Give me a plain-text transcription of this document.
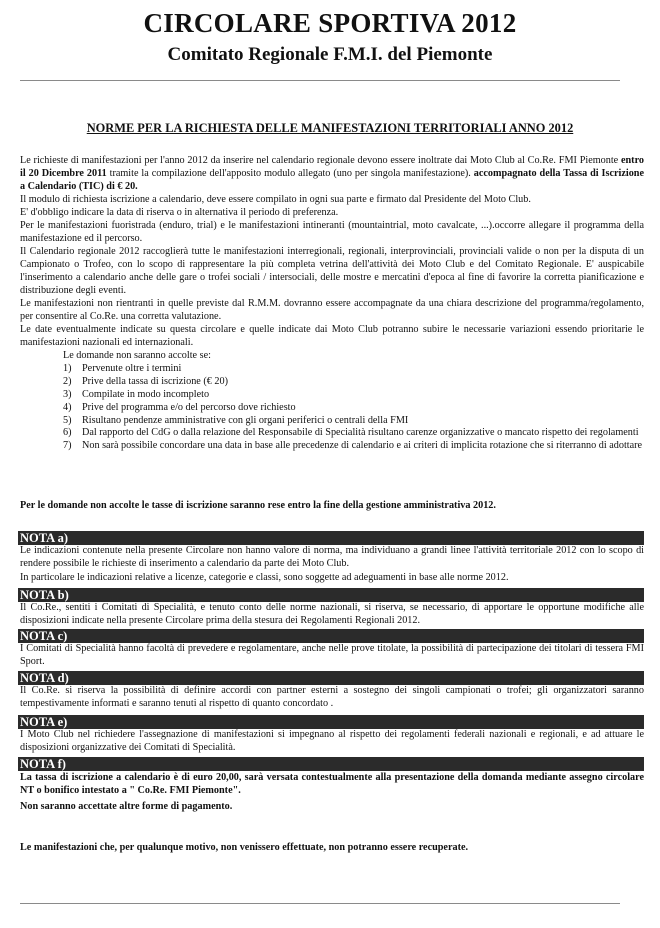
CIRCOLARE SPORTIVA 2012
Comitato Regionale F.M.I. del Piemonte
NORME PER LA RICHIESTA DELLE MANIFESTAZIONI TERRITORIALI ANNO 2012
Le richieste di manifestazioni per l'anno 2012 da inserire nel calendario regionale devono essere inoltrate dai Moto Club al Co.Re. FMI Piemonte entro il 20 Dicembre 2011 tramite la compilazione dell'apposito modulo allegato (uno per singola manifestazione). accompagnato della Tassa di Iscrizione a Calendario (TIC) di € 20.
Il modulo di richiesta iscrizione a calendario, deve essere compilato in ogni sua parte e firmato dal Presidente del Moto Club.
E' d'obbligo indicare la data di riserva o in alternativa il periodo di preferenza.
Per le manifestazioni fuoristrada (enduro, trial) e le manifestazioni intineranti (mountaintrial, moto cavalcate, ...).occorre allegare il programma della manifestazione ed il percorso.
Il Calendario regionale 2012 raccoglierà tutte le manifestazioni interregionali, regionali, interprovinciali, provinciali valide o non per la disputa di un Campionato o Trofeo, con lo scopo di rappresentare la più completa vetrina dell'attività dei Moto Club e del Comitato Regionale. E' auspicabile l'inserimento a calendario anche delle gare o trofei sociali / intersociali, delle mostre e mercatini d'epoca al fine di favorire la corretta pianificazione e distribuzione degli eventi.
Le manifestazioni non rientranti in quelle previste dal R.M.M. dovranno essere accompagnate da una chiara descrizione del programma/regolamento, per consentire al Co.Re. una corretta valutazione.
Le date eventualmente indicate su questa circolare e quelle indicate dai Moto Club potranno subire le necessarie variazioni essendo prioritarie le manifestazioni nazionali ed internazionali.
Le domande non saranno accolte se:
1)	Pervenute oltre i termini
2)	Prive della tassa di iscrizione (€ 20)
3)	Compilate in modo incompleto
4)	Prive del programma e/o del percorso dove richiesto
5)	Risultano pendenze amministrative con gli organi periferici o centrali della FMI
6)	Dal rapporto del CdG o dalla relazione del Responsabile di Specialità risultano carenze organizzative o mancato rispetto dei regolamenti
7)	Non sarà possibile concordare una data in base alle precedenze di calendario e ai criteri di implicita rotazione che si riterranno di adottare
Per le domande non accolte le tasse di iscrizione saranno rese entro la fine della gestione amministrativa 2012.
NOTA a)
Le indicazioni contenute nella presente Circolare non hanno valore di norma, ma individuano a grandi linee l'attività territoriale 2012 con lo scopo di rendere possibile le richieste di inserimento a calendario da parte dei Moto Club.
In particolare le indicazioni relative a licenze, categorie e classi, sono soggette ad adeguamenti in base alle norme 2012.
NOTA b)
Il Co.Re., sentiti i Comitati di Specialità, e tenuto conto delle norme nazionali, si riserva, se necessario, di apportare le opportune modifiche alle disposizioni indicate nella presente Circolare prima della stesura dei Regolamenti Regionali 2012.
NOTA c)
I Comitati di Specialità hanno facoltà di prevedere e regolamentare, anche nelle prove titolate, la possibilità di partecipazione dei titolari di tessera FMI Sport.
NOTA d)
Il Co.Re. si riserva la possibilità di definire accordi con partner esterni a sostegno dei singoli campionati o trofei; gli organizzatori saranno tempestivamente informati e saranno tenuti al rispetto di quanto concordato .
NOTA e)
I Moto Club nel richiedere l'assegnazione di manifestazioni si impegnano al rispetto dei regolamenti federali nazionali e regionali, e ad attuare le disposizioni organizzative dei Comitati di Specialità.
NOTA f)
La tassa di iscrizione a calendario è di euro 20,00, sarà versata contestualmente alla presentazione della domanda mediante assegno circolare NT o bonifico intestato a " Co.Re. FMI Piemonte".
Non saranno accettate altre forme di pagamento.
Le manifestazioni che, per qualunque motivo, non venissero effettuate, non potranno essere recuperate.
